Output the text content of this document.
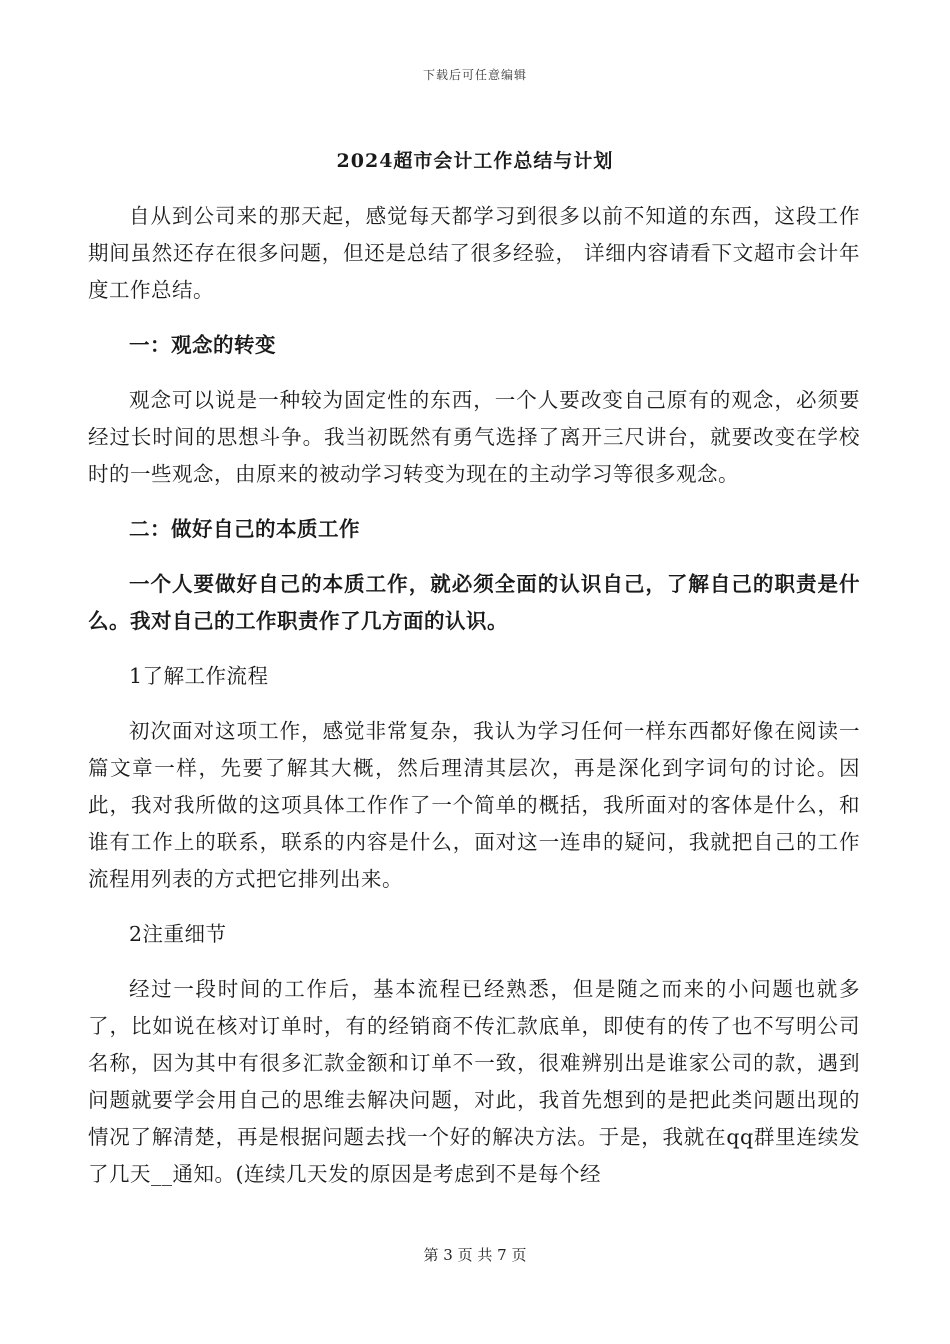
下载后可任意编辑
2024超市会计工作总结与计划

自从到公司来的那天起，感觉每天都学习到很多以前不知道的东西，这段工作期间虽然还存在很多问题，但还是总结了很多经验， 详细内容请看下文超市会计年度工作总结。

一：观念的转变

观念可以说是一种较为固定性的东西，一个人要改变自己原有的观念，必须要经过长时间的思想斗争。我当初既然有勇气选择了离开三尺讲台，就要改变在学校时的一些观念，由原来的被动学习转变为现在的主动学习等很多观念。

二：做好自己的本质工作

一个人要做好自己的本质工作，就必须全面的认识自己，了解自己的职责是什么。我对自己的工作职责作了几方面的认识。

1了解工作流程

初次面对这项工作，感觉非常复杂，我认为学习任何一样东西都好像在阅读一篇文章一样，先要了解其大概，然后理清其层次，再是深化到字词句的讨论。因此，我对我所做的这项具体工作作了一个简单的概括，我所面对的客体是什么，和谁有工作上的联系，联系的内容是什么，面对这一连串的疑问，我就把自己的工作流程用列表的方式把它排列出来。

2注重细节

经过一段时间的工作后，基本流程已经熟悉，但是随之而来的小问题也就多了，比如说在核对订单时，有的经销商不传汇款底单，即使有的传了也不写明公司名称，因为其中有很多汇款金额和订单不一致，很难辨别出是谁家公司的款，遇到问题就要学会用自己的思维去解决问题，对此，我首先想到的是把此类问题出现的情况了解清楚，再是根据问题去找一个好的解决方法。于是，我就在qq群里连续发了几天__通知。(连续几天发的原因是考虑到不是每个经

第 3 页 共 7 页
